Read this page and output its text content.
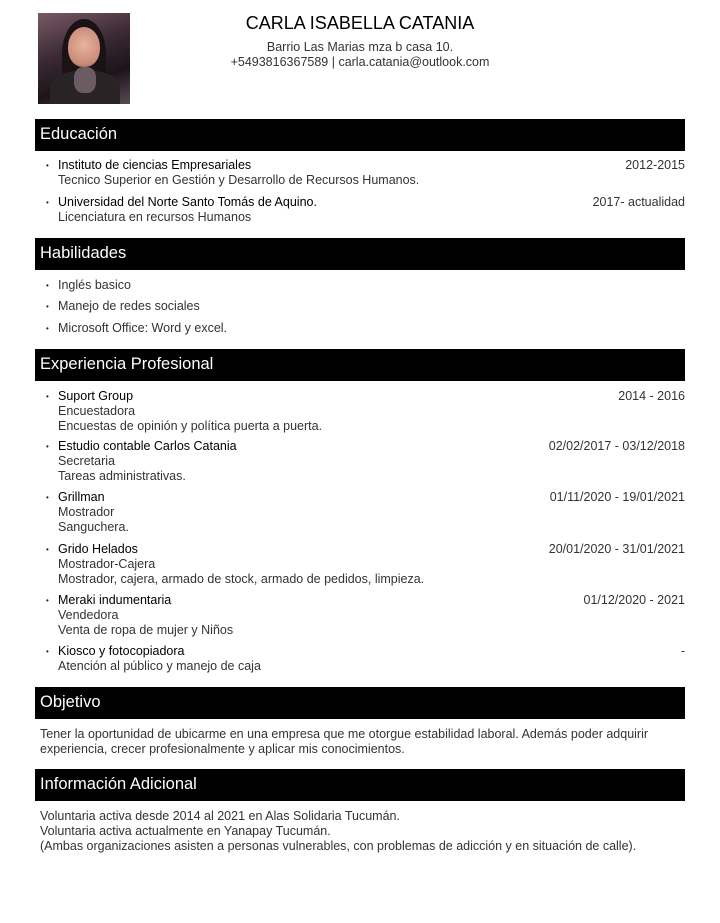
CARLA ISABELLA CATANIA
Barrio Las Marias mza b casa 10.
+5493816367589 | carla.catania@outlook.com
Educación
• Instituto de ciencias Empresariales	2012-2015
Tecnico Superior en Gestión y Desarrollo de Recursos Humanos.
• Universidad del Norte Santo Tomás de Aquino.	2017- actualidad
Licenciatura en recursos Humanos
Habilidades
• Inglés basico
• Manejo de redes sociales
• Microsoft Office: Word y excel.
Experiencia Profesional
• Suport Group	2014 - 2016
Encuestadora
Encuestas de opinión y política puerta a puerta.
• Estudio contable Carlos Catania	02/02/2017 - 03/12/2018
Secretaria
Tareas administrativas.
• Grillman	01/11/2020 - 19/01/2021
Mostrador
Sanguchera.
• Grido Helados	20/01/2020 - 31/01/2021
Mostrador-Cajera
Mostrador, cajera, armado de stock, armado de pedidos, limpieza.
• Meraki indumentaria	01/12/2020 - 2021
Vendedora
Venta de ropa de mujer y Niños
• Kiosco y fotocopiadora	-
Atención al público y manejo de caja
Objetivo
Tener la oportunidad de ubicarme en una empresa que me otorgue estabilidad laboral. Además poder adquirir
experiencia, crecer profesionalmente y aplicar mis conocimientos.
Información Adicional
Voluntaria activa desde 2014 al 2021 en Alas Solidaria Tucumán.
Voluntaria activa actualmente en Yanapay Tucumán.
(Ambas organizaciones asisten a personas vulnerables, con problemas de adicción y en situación de calle).
